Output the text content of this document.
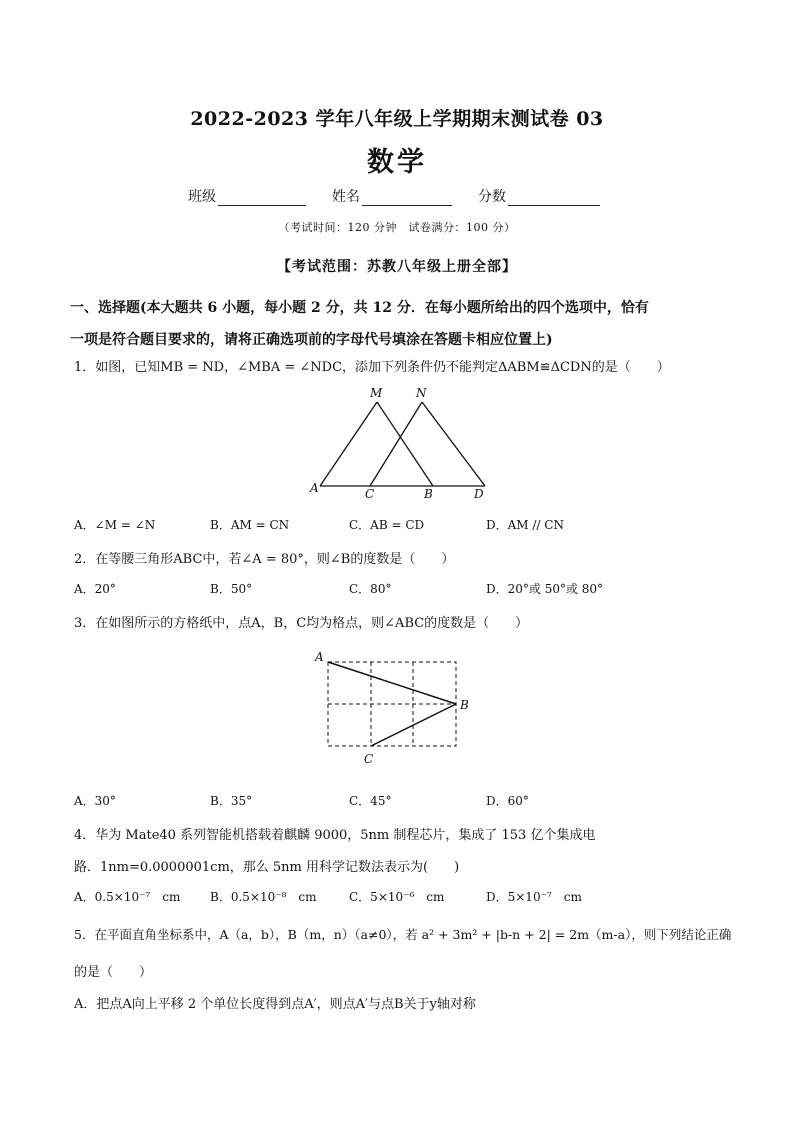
2022-2023 学年八年级上学期期末测试卷 03
数学
班级	姓名	分数
（考试时间：120 分钟　试卷满分：100 分）
【考试范围：苏教八年级上册全部】
一、选择题(本大题共 6 小题，每小题 2 分，共 12 分．在每小题所给出的四个选项中，恰有
一项是符合题目要求的，请将正确选项前的字母代号填涂在答题卡相应位置上)
1．如图，已知MB = ND，∠MBA = ∠NDC，添加下列条件仍不能判定ΔABM≌ΔCDN的是（　　）
M	N
A	C	B	D
A．∠M = ∠N	B．AM = CN	C．AB = CD	D．AM // CN
2．在等腰三角形ABC中，若∠A = 80°，则∠B的度数是（　　）
A．20°	B．50°	C．80°	D．20°或 50°或 80°
3．在如图所示的方格纸中，点A，B，C均为格点，则∠ABC的度数是（　　）
A
B
C
A．30°	B．35°	C．45°	D．60°
4．华为 Mate40 系列智能机搭载着麒麟 9000，5nm 制程芯片，集成了 153 亿个集成电
路．1nm=0.0000001cm，那么 5nm 用科学记数法表示为(　　)
A．0.5×10⁻⁷　cm B．0.5×10⁻⁸　cm	C．5×10⁻⁶　cm	D．5×10⁻⁷　cm
5．在平面直角坐标系中，A（a，b），B（m，n）（a≠0），若 a² + 3m² + |b-n + 2| = 2m（m-a），则下列结论正确
的是（　　）
A．把点A向上平移 2 个单位长度得到点A′，则点A′与点B关于y轴对称
